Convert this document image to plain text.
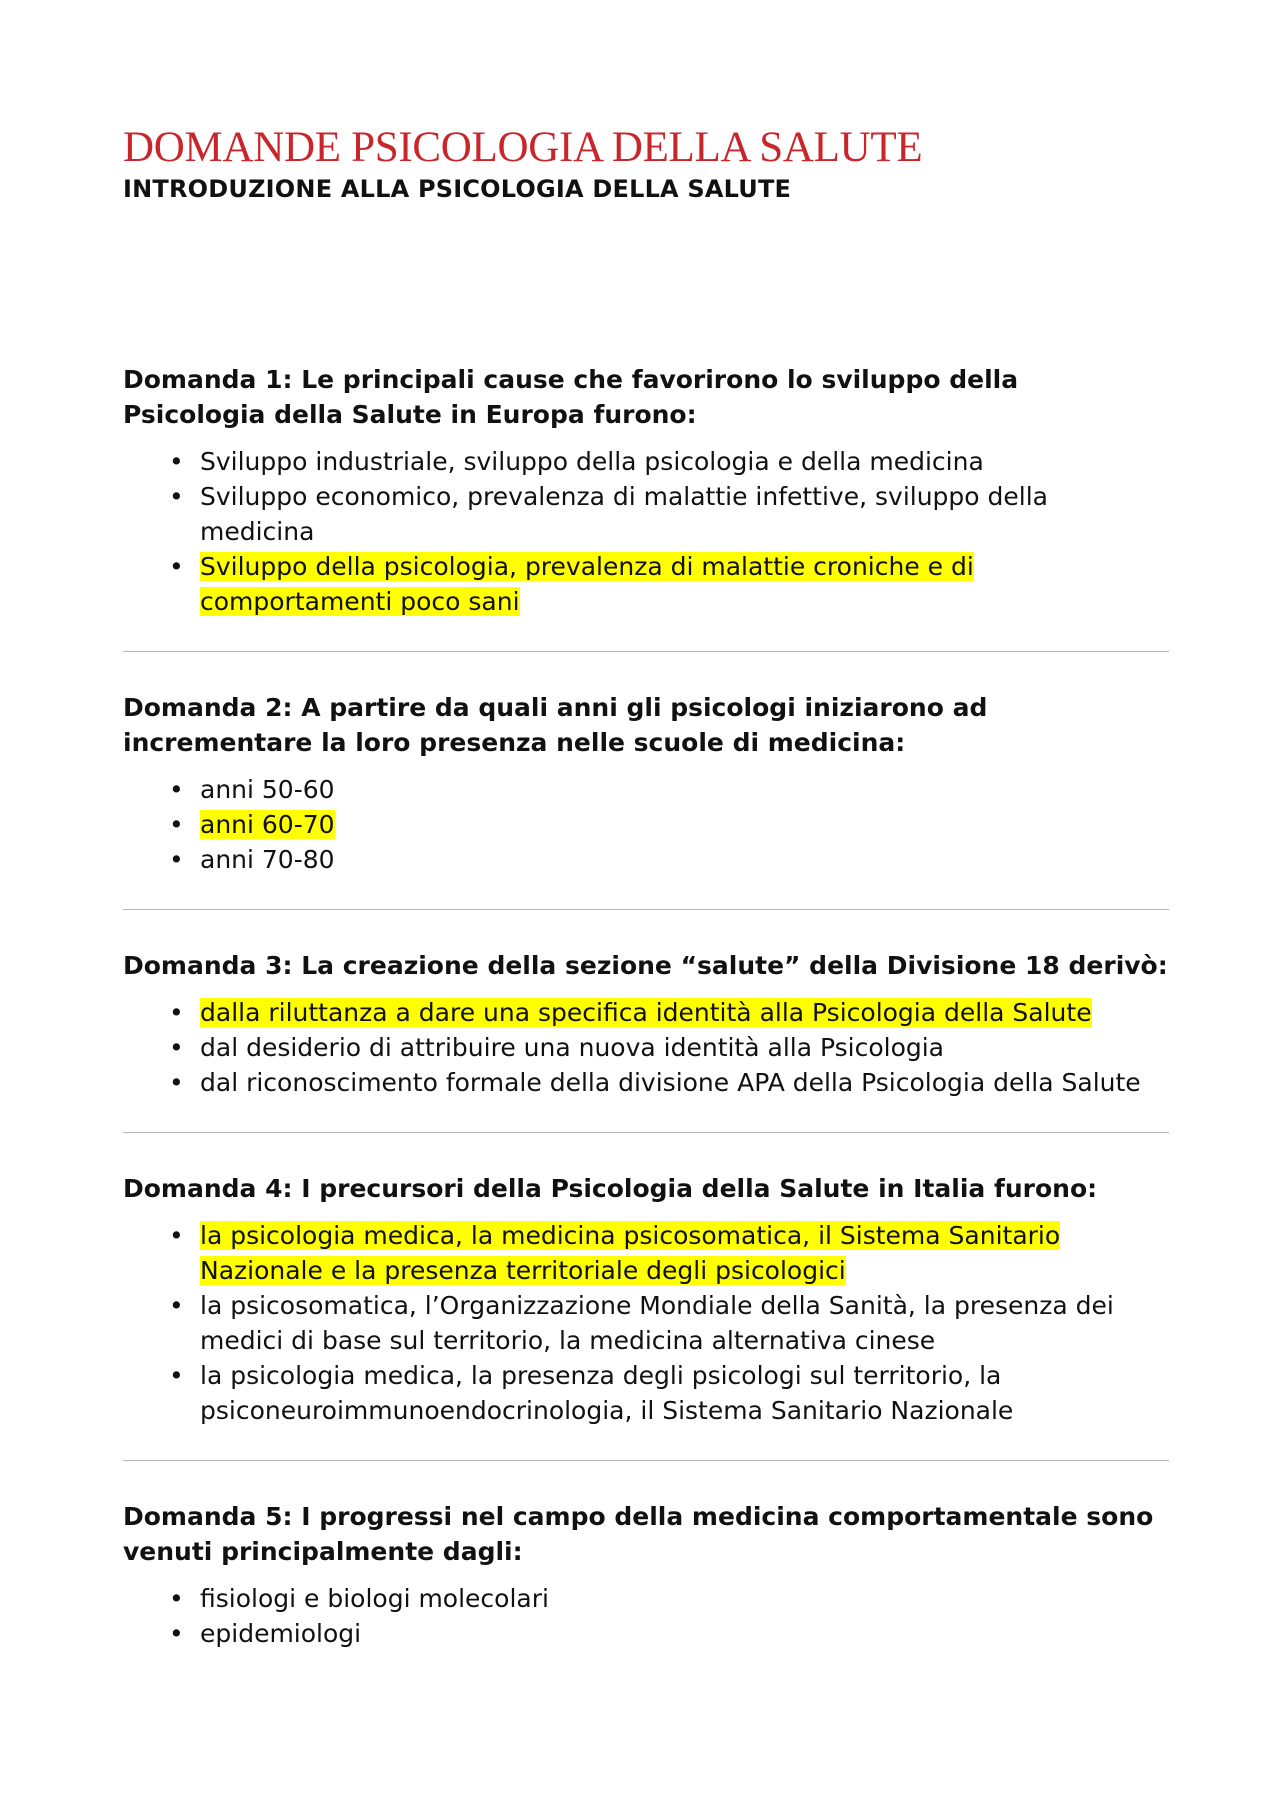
DOMANDE PSICOLOGIA DELLA SALUTE
INTRODUZIONE ALLA PSICOLOGIA DELLA SALUTE

Domanda 1: Le principali cause che favorirono lo sviluppo della Psicologia della Salute in Europa furono:

• Sviluppo industriale, sviluppo della psicologia e della medicina
• Sviluppo economico, prevalenza di malattie infettive, sviluppo della medicina
• Sviluppo della psicologia, prevalenza di malattie croniche e di comportamenti poco sani

Domanda 2: A partire da quali anni gli psicologi iniziarono ad incrementare la loro presenza nelle scuole di medicina:

• anni 50-60
• anni 60-70
• anni 70-80

Domanda 3: La creazione della sezione “salute” della Divisione 18 derivò:

• dalla riluttanza a dare una specifica identità alla Psicologia della Salute
• dal desiderio di attribuire una nuova identità alla Psicologia
• dal riconoscimento formale della divisione APA della Psicologia della Salute

Domanda 4: I precursori della Psicologia della Salute in Italia furono:

• la psicologia medica, la medicina psicosomatica, il Sistema Sanitario Nazionale e la presenza territoriale degli psicologici
• la psicosomatica, l’Organizzazione Mondiale della Sanità, la presenza dei medici di base sul territorio, la medicina alternativa cinese
• la psicologia medica, la presenza degli psicologi sul territorio, la psiconeuroimmunoendocrinologia, il Sistema Sanitario Nazionale

Domanda 5: I progressi nel campo della medicina comportamentale sono venuti principalmente dagli:

• fisiologi e biologi molecolari
• epidemiologi
